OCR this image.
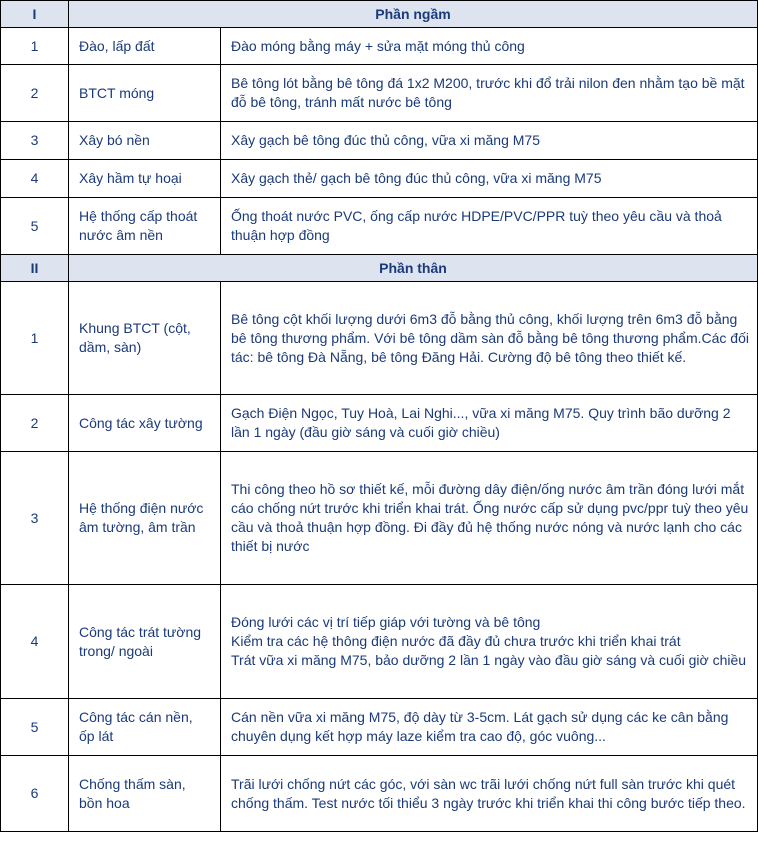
I	Phần ngầm	
1	Đào, lấp đất	Đào móng bằng máy + sửa mặt móng thủ công

2	BTCT móng	Bê tông lót bằng bê tông đá 1x2 M200, trước khi đổ trải nilon đen nhằm tạo bề mặt đỗ bê tông, tránh mất nước bê tông

3	Xây bó nền	Xây gạch bê tông đúc thủ công, vữa xi măng M75

4	Xây hầm tự hoại	Xây gạch thẻ/ gạch bê tông đúc thủ công, vữa xi măng M75

5	Hệ thống cấp thoát nước âm nền	Ống thoát nước PVC, ống cấp nước HDPE/PVC/PPR tuỳ theo yêu cầu và thoả thuận hợp đồng

II	Phần thân	
1	Khung BTCT (cột, dầm, sàn)	Bê tông cột khối lượng dưới 6m3 đỗ bằng thủ công, khối lượng trên 6m3 đỗ bằng bê tông thương phẩm. Với bê tông dầm sàn đỗ bằng bê tông thương phẩm.Các đối tác: bê tông Đà Nẵng, bê tông Đăng Hải. Cường độ bê tông theo thiết kế.

2	Công tác xây tường	Gạch Điện Ngọc, Tuy Hoà, Lai Nghi..., vữa xi măng M75. Quy trình bão dưỡng 2 lần 1 ngày (đầu giờ sáng và cuối giờ chiều)

3	Hệ thống điện nước âm tường, âm trần	Thi công theo hồ sơ thiết kế, mỗi đường dây điện/ống nước âm trần đóng lưới mắt cáo chống nứt trước khi triển khai trát. Ống nước cấp sử dụng pvc/ppr tuỳ theo yêu cầu và thoả thuận hợp đồng. Đi đầy đủ hệ thống nước nóng và nước lạnh cho các thiết bị nước

4	Công tác trát tường trong/ ngoài	Đóng lưới các vị trí tiếp giáp với tường và bê tông
Kiểm tra các hệ thông điện nước đã đầy đủ chưa trước khi triển khai trát
Trát vữa xi măng M75, bảo dưỡng 2 lần 1 ngày vào đầu giờ sáng và cuối giờ chiều

5	Công tác cán nền, ốp lát	Cán nền vữa xi măng M75, độ dày từ 3-5cm. Lát gạch sử dụng các ke cân bằng chuyên dụng kết hợp máy laze kiểm tra cao độ, góc vuông...

6	Chống thấm sàn, bồn hoa	Trãi lưới chống nứt các góc, với sàn wc trãi lưới chống nứt full sàn trước khi quét chống thấm. Test nước tối thiểu 3 ngày trước khi triển khai thi công bước tiếp theo.
